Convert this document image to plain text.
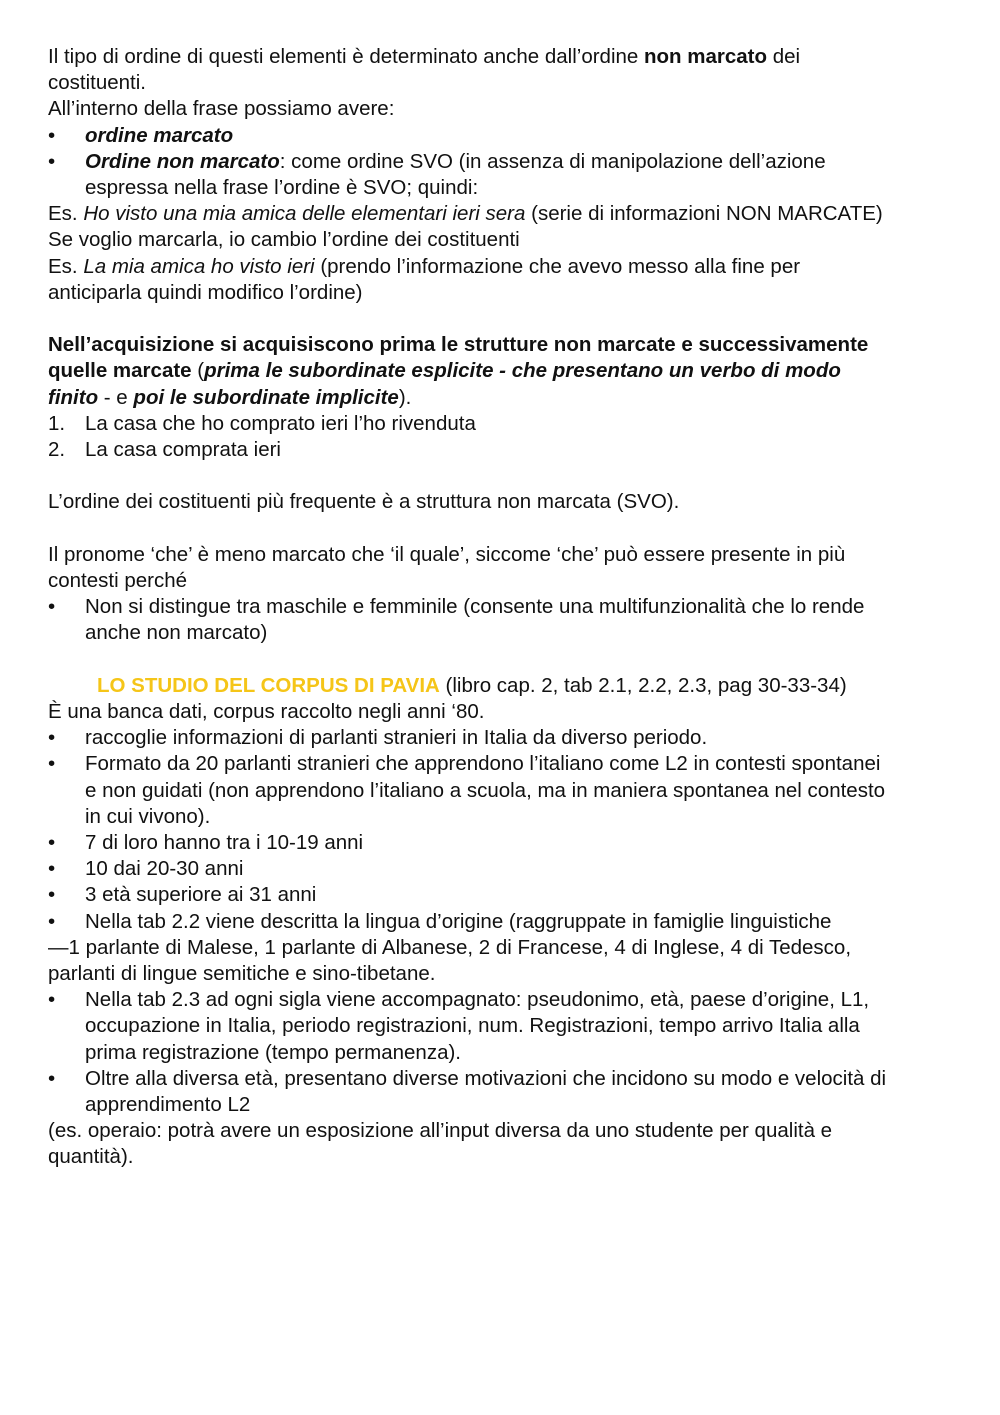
Il tipo di ordine di questi elementi è determinato anche dall’ordine non marcato dei

costituenti.

All’interno della frase possiamo avere:

• ordine marcato
• Ordine non marcato: come ordine SVO (in assenza di manipolazione dell’azione
espressa nella frase l’ordine è SVO; quindi:

Es. Ho visto una mia amica delle elementari ieri sera (serie di informazioni NON MARCATE)

Se voglio marcarla, io cambio l’ordine dei costituenti

Es. La mia amica ho visto ieri (prendo l’informazione che avevo messo alla fine per

anticiparla quindi modifico l’ordine)

Nell’acquisizione si acquisiscono prima le strutture non marcate e successivamente

quelle marcate (prima le subordinate esplicite - che presentano un verbo di modo

finito - e poi le subordinate implicite).

1. La casa che ho comprato ieri l’ho rivenduta
2. La casa comprata ieri

L’ordine dei costituenti più frequente è a struttura non marcata (SVO).

Il pronome ‘che’ è meno marcato che ‘il quale’, siccome ‘che’ può essere presente in più

contesti perché

• Non si distingue tra maschile e femminile (consente una multifunzionalità che lo rende
anche non marcato)

LO STUDIO DEL CORPUS DI PAVIA (libro cap. 2, tab 2.1, 2.2, 2.3, pag 30-33-34)

È una banca dati, corpus raccolto negli anni ‘80.

• raccoglie informazioni di parlanti stranieri in Italia da diverso periodo.
• Formato da 20 parlanti stranieri che apprendono l’italiano come L2 in contesti spontanei
e non guidati (non apprendono l’italiano a scuola, ma in maniera spontanea nel contesto
in cui vivono).
• 7 di loro hanno tra i 10-19 anni
• 10 dai 20-30 anni
• 3 età superiore ai 31 anni
• Nella tab 2.2 viene descritta la lingua d’origine (raggruppate in famiglie linguistiche

—1 parlante di Malese, 1 parlante di Albanese, 2 di Francese, 4 di Inglese, 4 di Tedesco,

parlanti di lingue semitiche e sino-tibetane.

• Nella tab 2.3 ad ogni sigla viene accompagnato: pseudonimo, età, paese d’origine, L1,
occupazione in Italia, periodo registrazioni, num. Registrazioni, tempo arrivo Italia alla
prima registrazione (tempo permanenza).
• Oltre alla diversa età, presentano diverse motivazioni che incidono su modo e velocità di
apprendimento L2

(es. operaio: potrà avere un esposizione all’input diversa da uno studente per qualità e

quantità).
